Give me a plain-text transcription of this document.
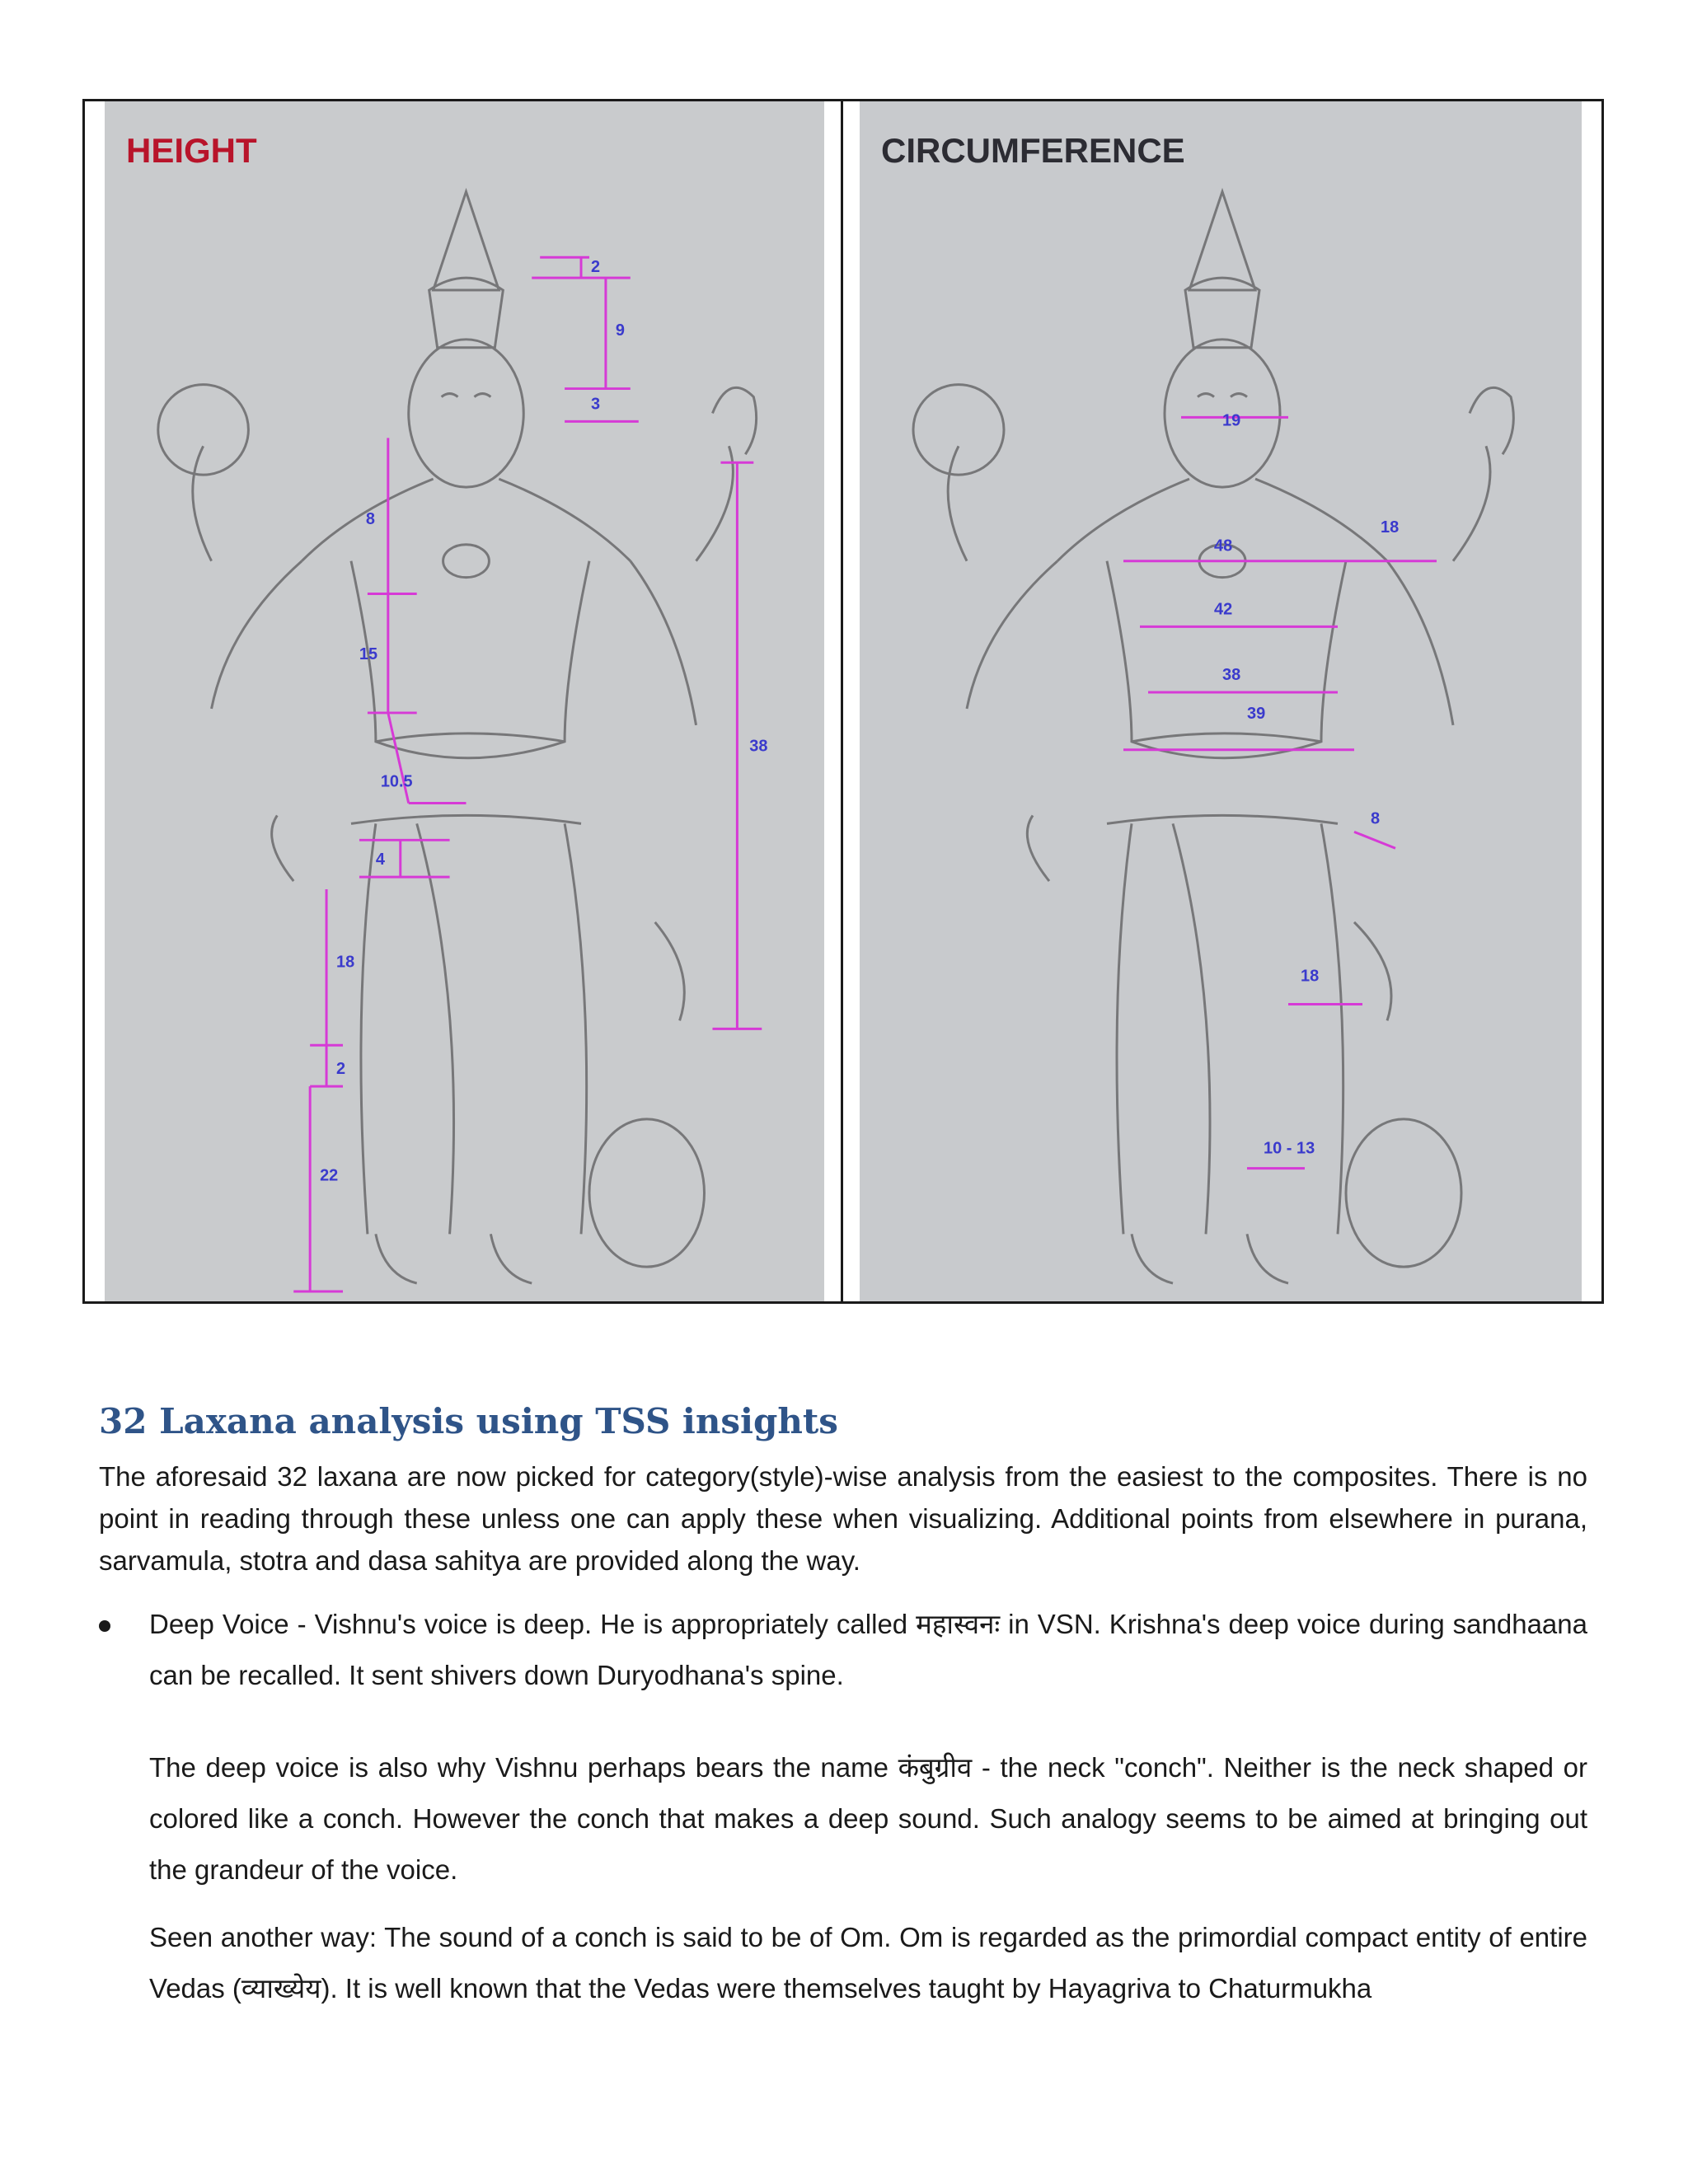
2
9
3
8
15
10.5
4
38
18
2
22
HEIGHT
19
48
18
42
38
39
8
18
10 - 13
CIRCUMFERENCE
32 Laxana analysis using TSS insights

The aforesaid 32 laxana are now picked for category(style)-wise analysis from the easiest to the composites. There is no point in reading through these unless one can apply these when visualizing. Additional points from elsewhere in purana, sarvamula, stotra and dasa sahitya are provided along the way.

Deep Voice - Vishnu's voice is deep. He is appropriately called महास्वनः in VSN. Krishna's deep voice during sandhaana can be recalled. It sent shivers down Duryodhana's spine.

The deep voice is also why Vishnu perhaps bears the name कंबुग्रीव - the neck "conch". Neither is the neck shaped or colored like a conch. However the conch that makes a deep sound. Such analogy seems to be aimed at bringing out the grandeur of the voice.

Seen another way: The sound of a conch is said to be of Om. Om is regarded as the primordial compact entity of entire Vedas (व्याख्येय). It is well known that the Vedas were themselves taught by Hayagriva to Chaturmukha
